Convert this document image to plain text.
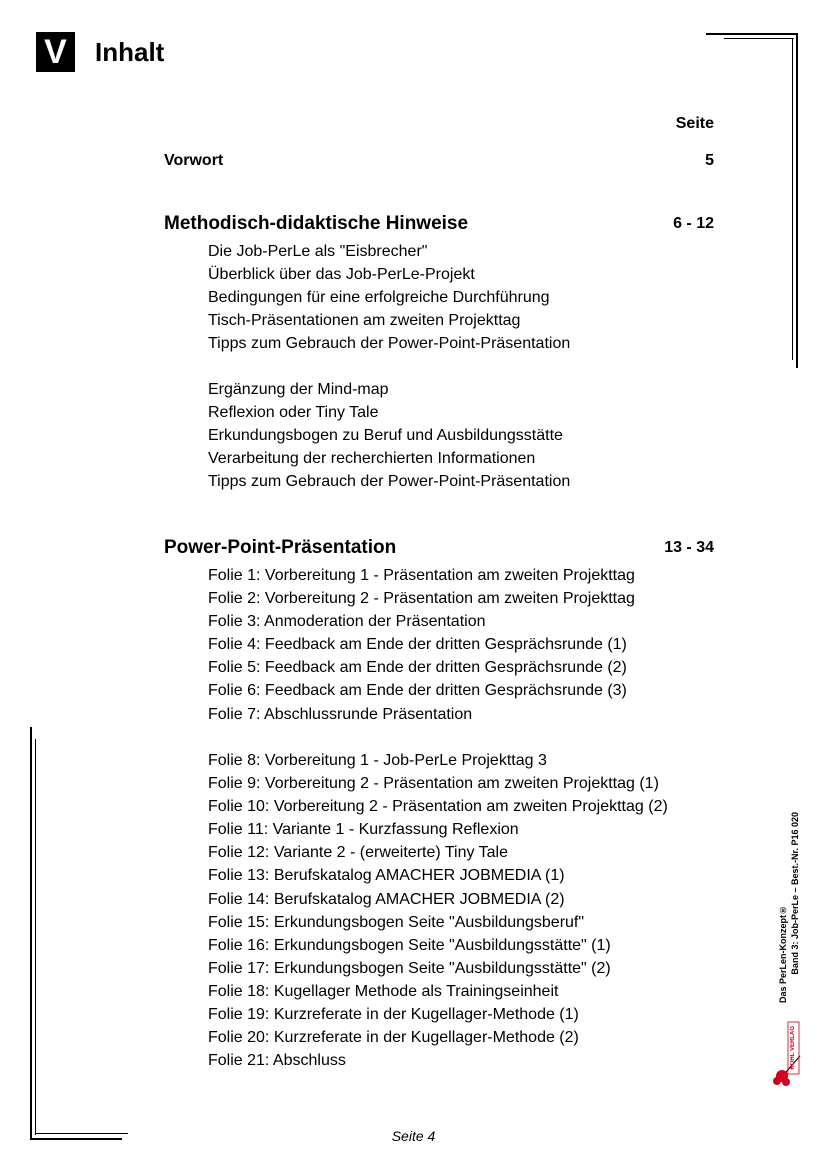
V	Inhalt
Seite
Vorwort	5
Methodisch-didaktische Hinweise	6 - 12
Die Job-PerLe als "Eisbrecher"
Überblick über das Job-PerLe-Projekt
Bedingungen für eine erfolgreiche Durchführung
Tisch-Präsentationen am zweiten Projekttag
Tipps zum Gebrauch der Power-Point-Präsentation
Ergänzung der Mind-map
Reflexion oder Tiny Tale
Erkundungsbogen zu Beruf und Ausbildungsstätte
Verarbeitung der recherchierten Informationen
Tipps zum Gebrauch der Power-Point-Präsentation
Power-Point-Präsentation	13 - 34
Folie 1: Vorbereitung 1 - Präsentation am zweiten Projekttag
Folie 2: Vorbereitung 2 - Präsentation am zweiten Projekttag
Folie 3: Anmoderation der Präsentation
Folie 4: Feedback am Ende der dritten Gesprächsrunde (1)
Folie 5: Feedback am Ende der dritten Gesprächsrunde (2)
Folie 6: Feedback am Ende der dritten Gesprächsrunde (3)
Folie 7: Abschlussrunde Präsentation
Folie 8: Vorbereitung 1 - Job-PerLe Projekttag 3
Folie 9: Vorbereitung 2 - Präsentation am zweiten Projekttag (1)
Folie 10: Vorbereitung 2 - Präsentation am zweiten Projekttag (2)
Folie 11: Variante 1 - Kurzfassung Reflexion
Folie 12: Variante 2 - (erweiterte) Tiny Tale
Folie 13: Berufskatalog AMACHER JOBMEDIA (1)
Folie 14: Berufskatalog AMACHER JOBMEDIA (2)
Folie 15: Erkundungsbogen Seite "Ausbildungsberuf"
Folie 16: Erkundungsbogen Seite "Ausbildungsstätte" (1)
Folie 17: Erkundungsbogen Seite "Ausbildungsstätte" (2)
Folie 18: Kugellager Methode als Trainingseinheit
Folie 19: Kurzreferate in der Kugellager-Methode (1)
Folie 20: Kurzreferate in der Kugellager-Methode (2)
Folie 21: Abschluss
Das PerLen-Konzept® Band 3: Job-PerLe – Best.-Nr. P16 020
KOHL VERLAG
Seite 4
